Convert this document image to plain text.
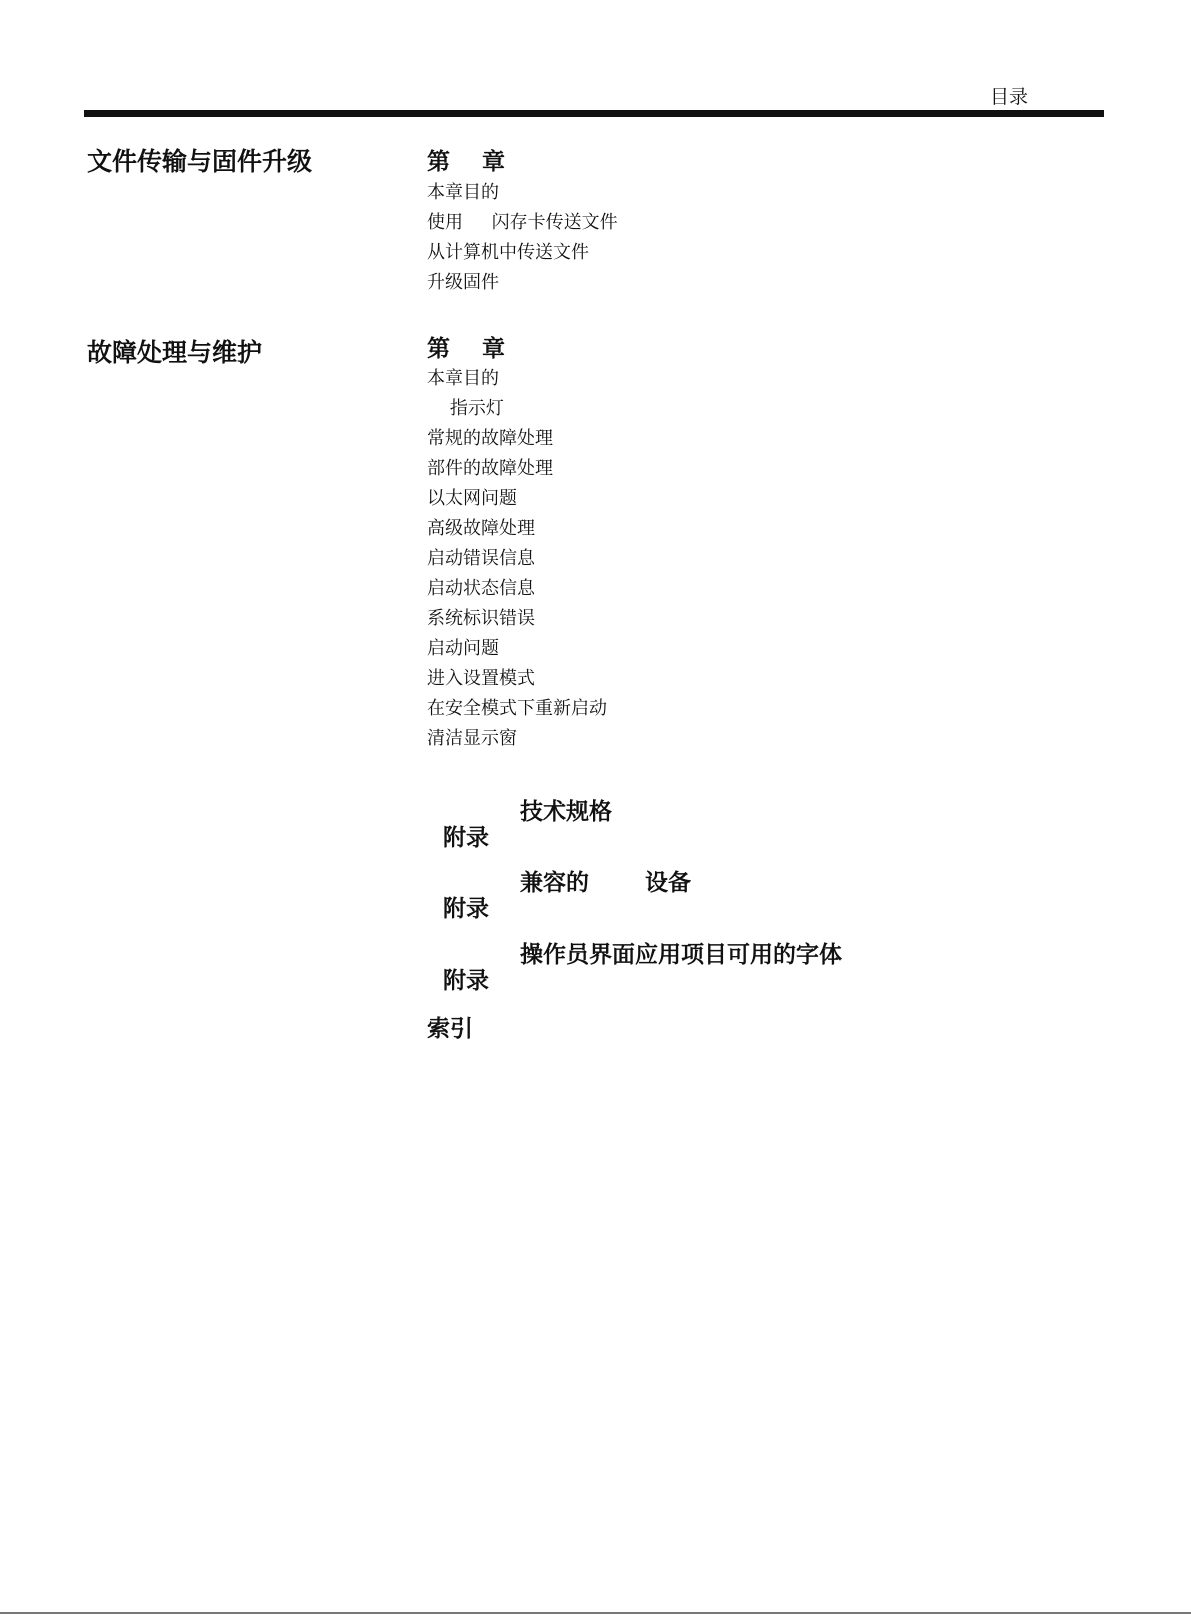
目录
文件传输与固件升级	第 章
本章目的
使用     闪存卡传送文件
从计算机中传送文件
升级固件
故障处理与维护	第 章
本章目的
指示灯
常规的故障处理
部件的故障处理
以太网问题
高级故障处理
启动错误信息
启动状态信息
系统标识错误
启动问题
进入设置模式
在安全模式下重新启动
清洁显示窗

附录

技术规格

附录

兼容的       设备

附录

操作员界面应用项目可用的字体

索引
